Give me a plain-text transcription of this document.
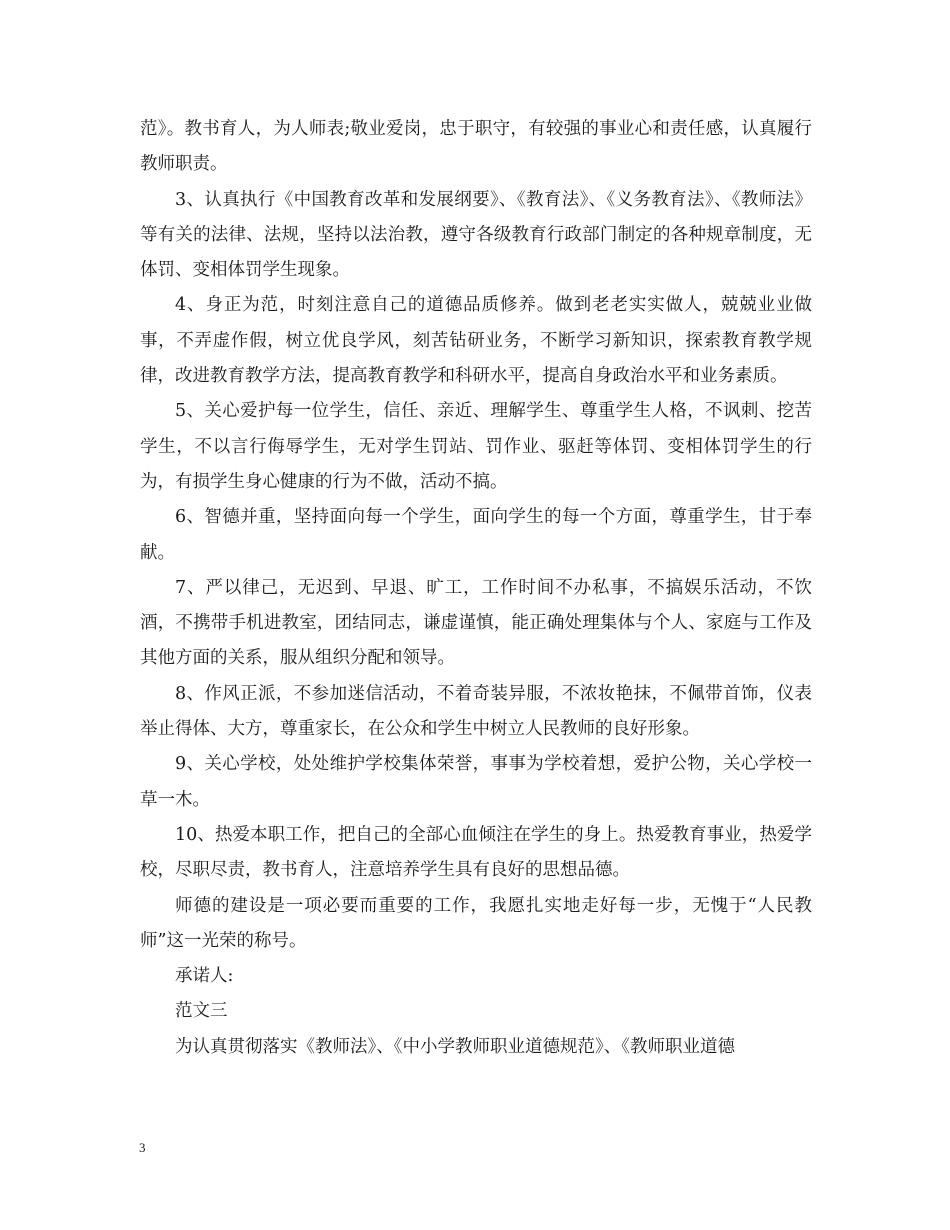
范》。教书育人，为人师表;敬业爱岗，忠于职守，有较强的事业心和责任感，认真履行教师职责。

3、认真执行《中国教育改革和发展纲要》、《教育法》、《义务教育法》、《教师法》等有关的法律、法规，坚持以法治教，遵守各级教育行政部门制定的各种规章制度，无体罚、变相体罚学生现象。

4、身正为范，时刻注意自己的道德品质修养。做到老老实实做人，兢兢业业做事，不弄虚作假，树立优良学风，刻苦钻研业务，不断学习新知识，探索教育教学规律，改进教育教学方法，提高教育教学和科研水平，提高自身政治水平和业务素质。

5、关心爱护每一位学生，信任、亲近、理解学生、尊重学生人格，不讽刺、挖苦学生，不以言行侮辱学生，无对学生罚站、罚作业、驱赶等体罚、变相体罚学生的行为，有损学生身心健康的行为不做，活动不搞。

6、智德并重，坚持面向每一个学生，面向学生的每一个方面，尊重学生，甘于奉献。

7、严以律己，无迟到、早退、旷工，工作时间不办私事，不搞娱乐活动，不饮酒，不携带手机进教室，团结同志，谦虚谨慎，能正确处理集体与个人、家庭与工作及其他方面的关系，服从组织分配和领导。

8、作风正派，不参加迷信活动，不着奇装异服，不浓妆艳抹，不佩带首饰，仪表举止得体、大方，尊重家长，在公众和学生中树立人民教师的良好形象。

9、关心学校，处处维护学校集体荣誉，事事为学校着想，爱护公物，关心学校一草一木。

10、热爱本职工作，把自己的全部心血倾注在学生的身上。热爱教育事业，热爱学校，尽职尽责，教书育人，注意培养学生具有良好的思想品德。

师德的建设是一项必要而重要的工作，我愿扎实地走好每一步，无愧于“人民教师”这一光荣的称号。

承诺人:

范文三

为认真贯彻落实《教师法》、《中小学教师职业道德规范》、《教师职业道德

3
